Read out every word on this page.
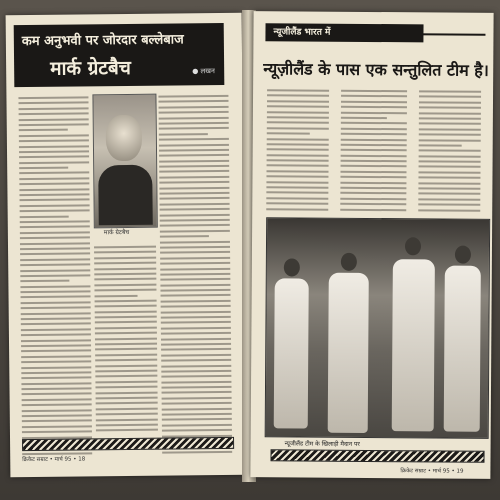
कम अनुभवी पर जोरदार बल्लेबाज
मार्क ग्रेटबैच	● लखन
मार्क ग्रेटबैच
क्रिकेट सम्राट • मार्च 95 • 18
न्यूजीलैंड भारत में
न्यूज़ीलैंड के पास एक सन्तुलित टीम है।
न्यूजीलैंड टीम के खिलाड़ी मैदान पर
क्रिकेट सम्राट • मार्च 95 • 19
